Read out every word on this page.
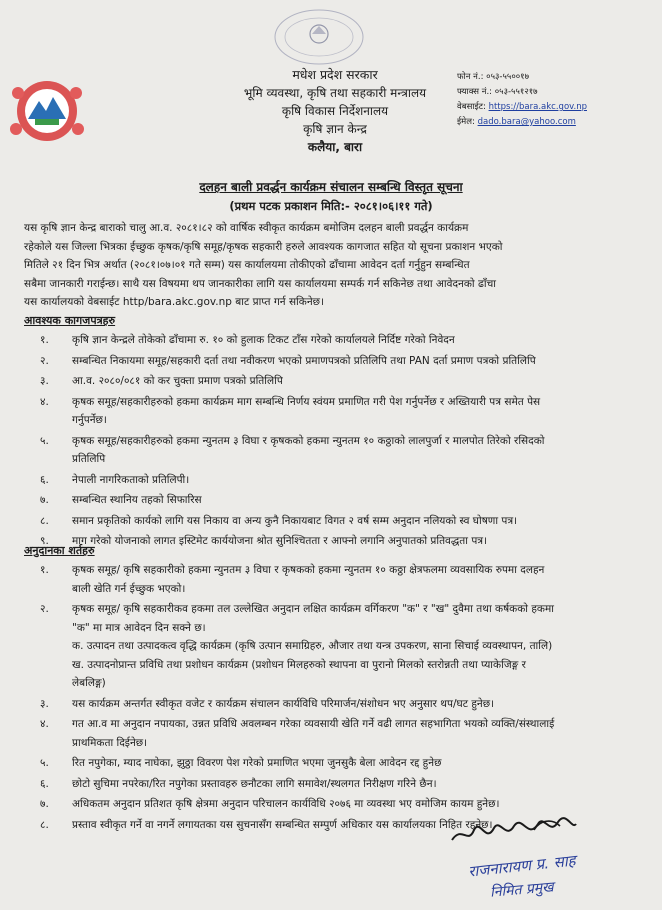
मधेश प्रदेश सरकार
भूमि व्यवस्था, कृषि तथा सहकारी मन्त्रालय
कृषि विकास निर्देशनालय
कृषि ज्ञान केन्द्र
कलैया, बारा
फोन नं.: ०५३-५५००१७
फ्याक्स नं.: ०५३-५५१२१७
वेबसाईट: https://bara.akc.gov.np
ईमेल: dado.bara@yahoo.com
दलहन बाली प्रवर्द्धन कार्यक्रम संचालन सम्बन्धि विस्तृत सूचना
(प्रथम पटक प्रकाशन मिति:- २०८१।०६।११ गते)
यस कृषि ज्ञान केन्द्र बाराको चालु आ.व. २०८१।८२ को वार्षिक स्वीकृत कार्यक्रम बमोजिम दलहन बाली प्रवर्द्धन कार्यक्रम
रहेकोले यस जिल्ला भित्रका ईच्छुक कृषक/कृषि समूह/कृषक सहकारी हरुले आवश्यक कागजात सहित यो सूचना प्रकाशन भएको
मितिले २१ दिन भित्र अर्थात (२०८१।०७।०१ गते सम्म) यस कार्यालयमा तोकीएको ढाँचामा आवेदन दर्ता गर्नुहुन सम्बन्धित
सबैमा जानकारी गराईन्छ। साथै यस विषयमा थप जानकारीका लागि यस कार्यालयमा सम्पर्क गर्न सकिनेछ तथा आवेदनको ढाँचा
यस कार्यालयको वेबसाईट http/bara.akc.gov.np बाट प्राप्त गर्न सकिनेछ।
आवश्यक कागजपत्रहरु
१. कृषि ज्ञान केन्द्रले तोकेको ढाँचामा रु. १० को हुलाक टिकट टाँस गरेको कार्यालयले निर्दिष्ट गरेको निवेदन
२. सम्बन्धित निकायमा समूह/सहकारी दर्ता तथा नवीकरण भएको प्रमाणपत्रको प्रतिलिपि तथा PAN दर्ता प्रमाण पत्रको प्रतिलिपि
३. आ.व. २०८०/०८१ को कर चुक्ता प्रमाण पत्रको प्रतिलिपि
४. कृषक समूह/सहकारीहरुको हकमा कार्यक्रम माग सम्बन्धि निर्णय स्वंयम प्रमाणित गरी पेश गर्नुपर्नेछ र अख्तियारी पत्र समेत पेस
गर्नुपर्नेछ।
५. कृषक समूह/सहकारीहरुको हकमा न्युनतम ३ विघा र कृषकको हकमा न्युनतम १० कठ्ठाको लालपुर्जा र मालपोत तिरेको रसिदको
प्रतिलिपि
६. नेपाली नागरिकताको प्रतिलिपी।
७. सम्बन्धित स्थानिय तहको सिफारिस
८. समान प्रकृतिको कार्यको लागि यस निकाय वा अन्य कुनै निकायबाट विगत २ वर्ष सम्म अनुदान नलियको स्व घोषणा पत्र।
९. माग गरेको योजनाको लागत इस्टिमेट कार्ययोजना श्रोत सुनिश्चितता र आफ्नो लगानि अनुपातको प्रतिवद्धता पत्र।
अनुदानका शर्तहरु
१. कृषक समूह/ कृषि सहकारीको हकमा न्युनतम ३ विघा र कृषकको हकमा न्युनतम १० कठ्ठा क्षेत्रफलमा व्यवसायिक रुपमा दलहन
बाली खेति गर्न ईच्छुक भएको।
२. कृषक समूह/ कृषि सहकारीकव हकमा तल उल्लेखित अनुदान लक्षित कार्यक्रम वर्गिकरण "क" र "ख" दुवैमा तथा कर्षकको हकमा
"क" मा मात्र आवेदन दिन सक्ने छ।
क. उत्पादन तथा उत्पादकत्व वृद्धि कार्यक्रम (कृषि उत्पान समाग्रिहरु, औजार तथा यन्त्र उपकरण, साना सिचाई व्यवस्थापन, तालि)
ख. उत्पादनोप्रान्त प्रविधि तथा प्रशोधन कार्यक्रम (प्रशोधन मिलहरुको स्थापना वा पुरानो मिलको स्तरोन्नती तथा प्याकेजिङ्ग र
लेबलिङ्ग)
३. यस कार्यक्रम अन्तर्गत स्वीकृत वजेट र कार्यक्रम संचालन कार्यविधि परिमार्जन/संशोधन भए अनुसार थप/घट हुनेछ।
४. गत आ.व मा अनुदान नपायका, उन्नत प्रविधि अवलम्बन गरेका व्यवसायी खेति गर्ने वढी लागत सहभागिता भयको व्यक्ति/संस्थालाई
प्राथमिकता दिईनेछ।
५. रित नपुगेका, म्याद नाघेका, झुठ्ठा विवरण पेश गरेको प्रमाणित भएमा जुनसुकै बेला आवेदन रद्द हुनेछ
६. छोटो सुचिमा नपरेका/रित नपुगेका प्रस्तावहरु छनौटका लागि समावेश/स्थलगत निरीक्षण गरिने छैन।
७. अधिकतम अनुदान प्रतिशत कृषि क्षेत्रमा अनुदान परिचालन कार्यविधि २०७६ मा व्यवस्था भए वमोजिम कायम हुनेछ।
८. प्रस्ताव स्वीकृत गर्ने वा नगर्ने लगायतका यस सुचनासँग सम्बन्धित सम्पुर्ण अधिकार यस कार्यालयका निहित रहनेछ।
राजनारायण प्र. साह
निमित प्रमुख
